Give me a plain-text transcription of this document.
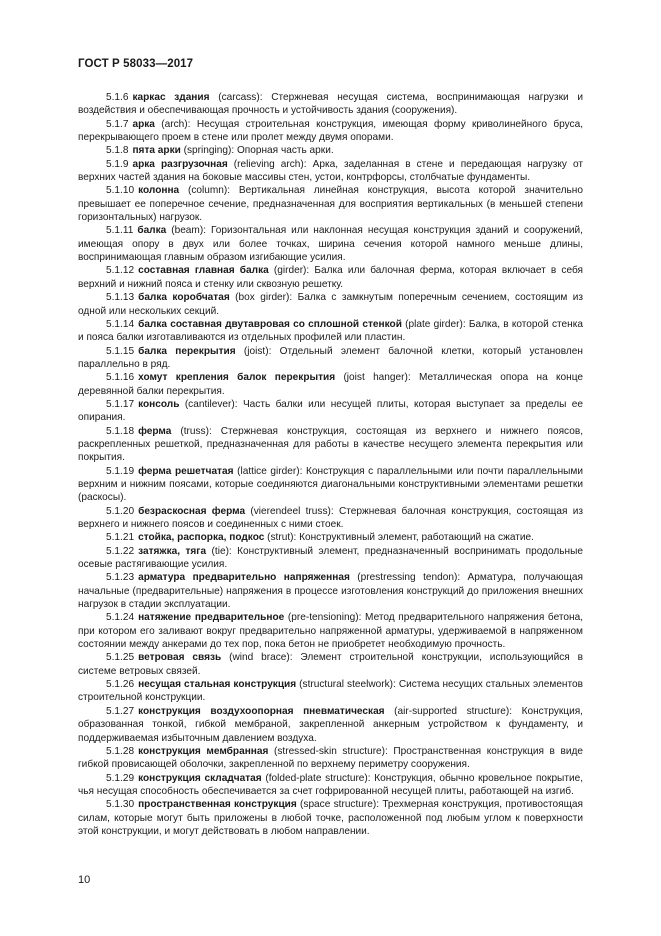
ГОСТ Р 58033—2017

5.1.6 каркас здания (carcass): Стержневая несущая система, воспринимающая нагрузки и воздействия и обеспечивающая прочность и устойчивость здания (сооружения).

5.1.7 арка (arch): Несущая строительная конструкция, имеющая форму криволинейного бруса, перекрывающего проем в стене или пролет между двумя опорами.

5.1.8 пята арки (springing): Опорная часть арки.

5.1.9 арка разгрузочная (relieving arch): Арка, заделанная в стене и передающая нагрузку от верхних частей здания на боковые массивы стен, устои, контрфорсы, столбчатые фундаменты.

5.1.10 колонна (column): Вертикальная линейная конструкция, высота которой значительно превышает ее поперечное сечение, предназначенная для восприятия вертикальных (в меньшей степени горизонтальных) нагрузок.

5.1.11 балка (beam): Горизонтальная или наклонная несущая конструкция зданий и сооружений, имеющая опору в двух или более точках, ширина сечения которой намного меньше длины, воспринимающая главным образом изгибающие усилия.

5.1.12 составная главная балка (girder): Балка или балочная ферма, которая включает в себя верхний и нижний пояса и стенку или сквозную решетку.

5.1.13 балка коробчатая (box girder): Балка с замкнутым поперечным сечением, состоящим из одной или нескольких секций.

5.1.14 балка составная двутавровая со сплошной стенкой (plate girder): Балка, в которой стенка и пояса балки изготавливаются из отдельных профилей или пластин.

5.1.15 балка перекрытия (joist): Отдельный элемент балочной клетки, который установлен параллельно в ряд.

5.1.16 хомут крепления балок перекрытия (joist hanger): Металлическая опора на конце деревянной балки перекрытия.

5.1.17 консоль (cantilever): Часть балки или несущей плиты, которая выступает за пределы ее опирания.

5.1.18 ферма (truss): Стержневая конструкция, состоящая из верхнего и нижнего поясов, раскрепленных решеткой, предназначенная для работы в качестве несущего элемента перекрытия или покрытия.

5.1.19 ферма решетчатая (lattice girder): Конструкция с параллельными или почти параллельными верхним и нижним поясами, которые соединяются диагональными конструктивными элементами решетки (раскосы).

5.1.20 безраскосная ферма (vierendeel truss): Стержневая балочная конструкция, состоящая из верхнего и нижнего поясов и соединенных с ними стоек.

5.1.21 стойка, распорка, подкос (strut): Конструктивный элемент, работающий на сжатие.

5.1.22 затяжка, тяга (tie): Конструктивный элемент, предназначенный воспринимать продольные осевые растягивающие усилия.

5.1.23 арматура предварительно напряженная (prestressing tendon): Арматура, получающая начальные (предварительные) напряжения в процессе изготовления конструкций до приложения внешних нагрузок в стадии эксплуатации.

5.1.24 натяжение предварительное (pre-tensioning): Метод предварительного напряжения бетона, при котором его заливают вокруг предварительно напряженной арматуры, удерживаемой в напряженном состоянии между анкерами до тех пор, пока бетон не приобретет необходимую прочность.

5.1.25 ветровая связь (wind brace): Элемент строительной конструкции, использующийся в системе ветровых связей.

5.1.26 несущая стальная конструкция (structural steelwork): Система несущих стальных элементов строительной конструкции.

5.1.27 конструкция воздухоопорная пневматическая (air-supported structure): Конструкция, образованная тонкой, гибкой мембраной, закрепленной анкерным устройством к фундаменту, и поддерживаемая избыточным давлением воздуха.

5.1.28 конструкция мембранная (stressed-skin structure): Пространственная конструкция в виде гибкой провисающей оболочки, закрепленной по верхнему периметру сооружения.

5.1.29 конструкция складчатая (folded-plate structure): Конструкция, обычно кровельное покрытие, чья несущая способность обеспечивается за счет гофрированной несущей плиты, работающей на изгиб.

5.1.30 пространственная конструкция (space structure): Трехмерная конструкция, противостоящая силам, которые могут быть приложены в любой точке, расположенной под любым углом к поверхности этой конструкции, и могут действовать в любом направлении.

10
